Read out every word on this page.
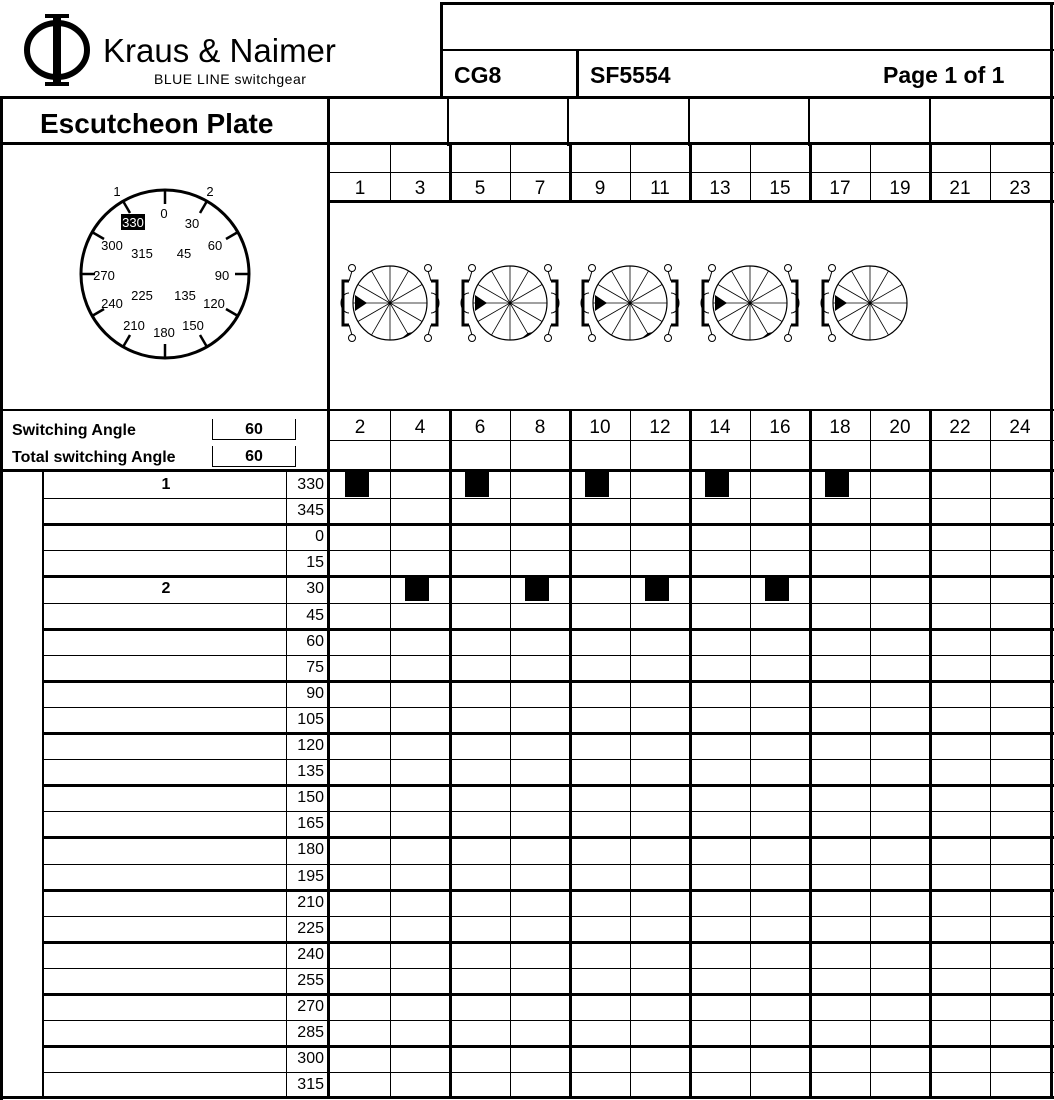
Kraus & Naimer
BLUE LINE switchgear	CG8	SF5554	Page 1 of 1
Escutcheon Plate
1	2
0
30
60
90
120
150
180
210
240
270
300
45
135
225
315
330
Switching Angle	60
Total switching Angle	60
1	3	5	7	9	11	13	15	17	19	21	23
2	4	6	8	10	12	14	16	18	20	22	24
1	330
345
0
15
2	30
45
60
75
90
105
120
135
150
165
180
195
210
225
240
255
270
285
300
315
